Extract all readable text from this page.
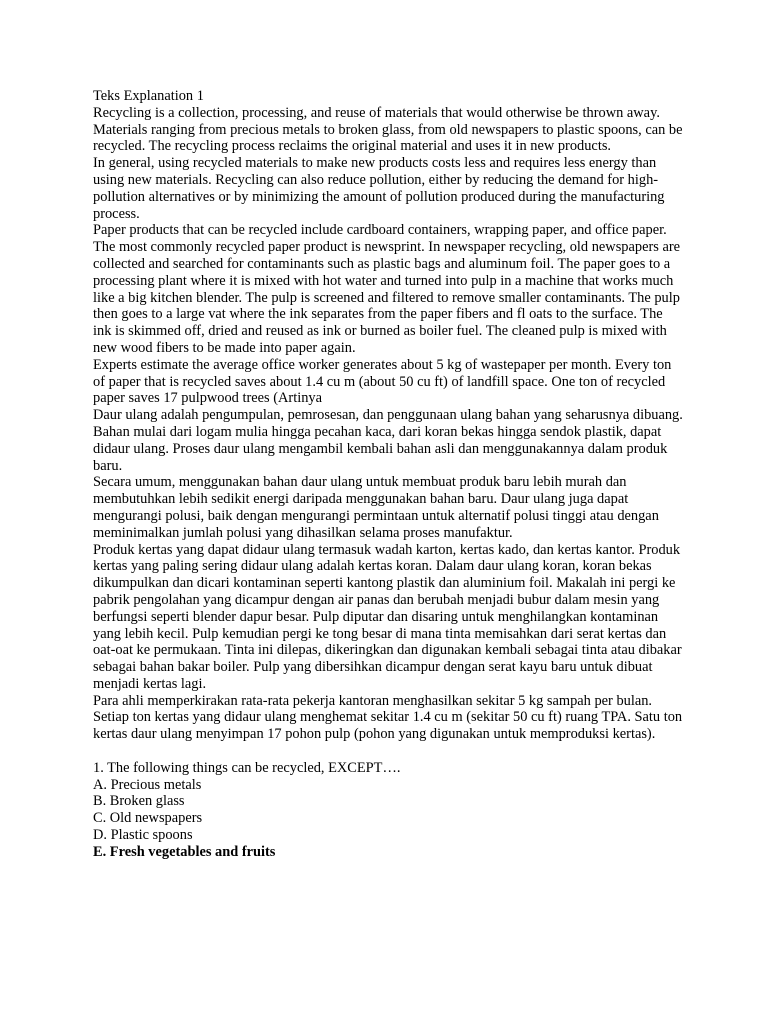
Teks Explanation 1

Recycling is a collection, processing, and reuse of materials that would otherwise be thrown away. Materials ranging from precious metals to broken glass, from old newspapers to plastic spoons, can be recycled. The recycling process reclaims the original material and uses it in new products.

In general, using recycled materials to make new products costs less and requires less energy than using new materials. Recycling can also reduce pollution, either by reducing the demand for high-pollution alternatives or by minimizing the amount of pollution produced during the manufacturing process.

Paper products that can be recycled include cardboard containers, wrapping paper, and office paper. The most commonly recycled paper product is newsprint. In newspaper recycling, old newspapers are collected and searched for contaminants such as plastic bags and aluminum foil. The paper goes to a processing plant where it is mixed with hot water and turned into pulp in a machine that works much like a big kitchen blender. The pulp is screened and filtered to remove smaller contaminants. The pulp then goes to a large vat where the ink separates from the paper fibers and fl oats to the surface. The ink is skimmed off, dried and reused as ink or burned as boiler fuel. The cleaned pulp is mixed with new wood fibers to be made into paper again.

Experts estimate the average office worker generates about 5 kg of wastepaper per month. Every ton of paper that is recycled saves about 1.4 cu m (about 50 cu ft) of landfill space. One ton of recycled paper saves 17 pulpwood trees (Artinya

Daur ulang adalah pengumpulan, pemrosesan, dan penggunaan ulang bahan yang seharusnya dibuang. Bahan mulai dari logam mulia hingga pecahan kaca, dari koran bekas hingga sendok plastik, dapat didaur ulang. Proses daur ulang mengambil kembali bahan asli dan menggunakannya dalam produk baru.

Secara umum, menggunakan bahan daur ulang untuk membuat produk baru lebih murah dan membutuhkan lebih sedikit energi daripada menggunakan bahan baru. Daur ulang juga dapat mengurangi polusi, baik dengan mengurangi permintaan untuk alternatif polusi tinggi atau dengan meminimalkan jumlah polusi yang dihasilkan selama proses manufaktur.

Produk kertas yang dapat didaur ulang termasuk wadah karton, kertas kado, dan kertas kantor. Produk kertas yang paling sering didaur ulang adalah kertas koran. Dalam daur ulang koran, koran bekas dikumpulkan dan dicari kontaminan seperti kantong plastik dan aluminium foil. Makalah ini pergi ke pabrik pengolahan yang dicampur dengan air panas dan berubah menjadi bubur dalam mesin yang berfungsi seperti blender dapur besar. Pulp diputar dan disaring untuk menghilangkan kontaminan yang lebih kecil. Pulp kemudian pergi ke tong besar di mana tinta memisahkan dari serat kertas dan oat-oat ke permukaan. Tinta ini dilepas, dikeringkan dan digunakan kembali sebagai tinta atau dibakar sebagai bahan bakar boiler. Pulp yang dibersihkan dicampur dengan serat kayu baru untuk dibuat menjadi kertas lagi.

Para ahli memperkirakan rata-rata pekerja kantoran menghasilkan sekitar 5 kg sampah per bulan. Setiap ton kertas yang didaur ulang menghemat sekitar 1.4 cu m (sekitar 50 cu ft) ruang TPA. Satu ton kertas daur ulang menyimpan 17 pohon pulp (pohon yang digunakan untuk memproduksi kertas).

1. The following things can be recycled, EXCEPT….

A. Precious metals

B. Broken glass

C. Old newspapers

D. Plastic spoons

E. Fresh vegetables and fruits
